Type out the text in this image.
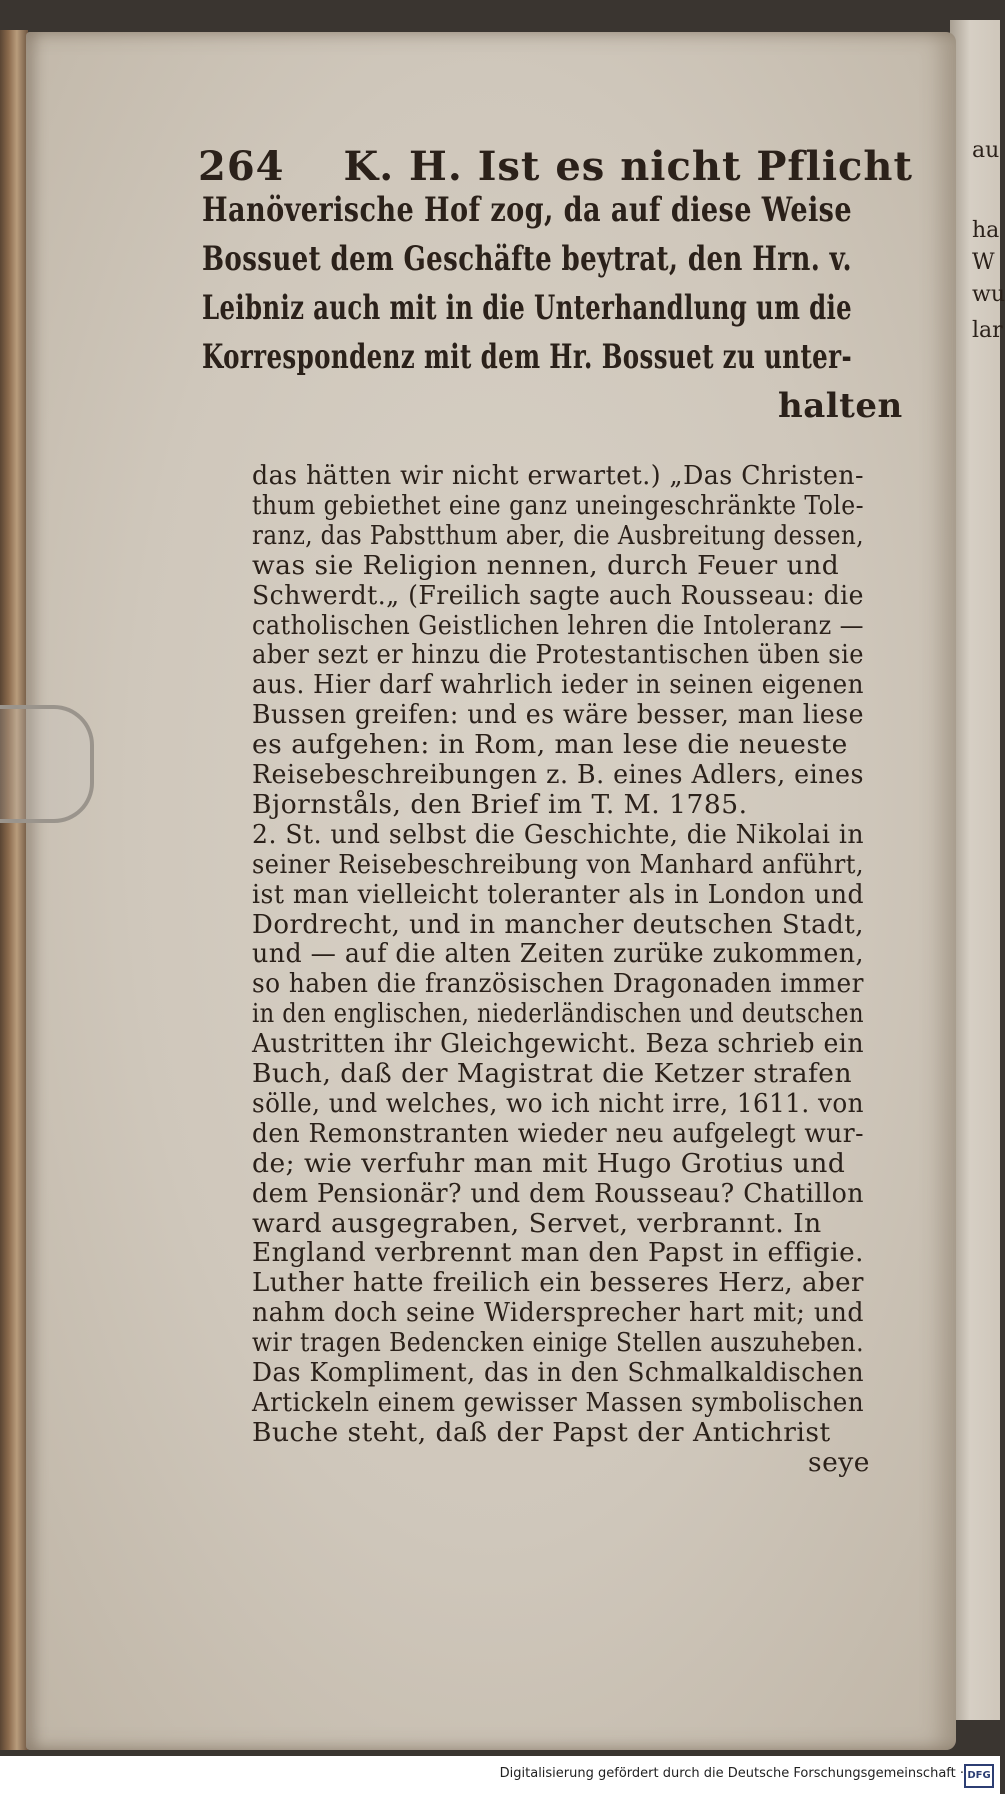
264 K. H. Ist es nicht Pflicht
Hanöverische Hof zog, da auf diese Weise
Bossuet dem Geschäfte beytrat, den Hrn. v.
Leibniz auch mit in die Unterhandlung um die
Korrespondenz mit dem Hr. Bossuet zu unter-
halten
das hätten wir nicht erwartet.) „Das Christen-
thum gebiethet eine ganz uneingeschränkte Tole-
ranz, das Pabstthum aber, die Ausbreitung dessen,
was sie Religion nennen, durch Feuer und
Schwerdt.„ (Freilich sagte auch Rousseau: die
catholischen Geistlichen lehren die Intoleranz —
aber sezt er hinzu die Protestantischen üben sie
aus. Hier darf wahrlich ieder in seinen eigenen
Bussen greifen: und es wäre besser, man liese
es aufgehen: in Rom, man lese die neueste
Reisebeschreibungen z. B. eines Adlers, eines
Bjornståls, den Brief im T. M. 1785.
2. St. und selbst die Geschichte, die Nikolai in
seiner Reisebeschreibung von Manhard anführt,
ist man vielleicht toleranter als in London und
Dordrecht, und in mancher deutschen Stadt,
und — auf die alten Zeiten zurüke zukommen,
so haben die französischen Dragonaden immer
in den englischen, niederländischen und deutschen
Austritten ihr Gleichgewicht. Beza schrieb ein
Buch, daß der Magistrat die Ketzer strafen
sölle, und welches, wo ich nicht irre, 1611. von
den Remonstranten wieder neu aufgelegt wur-
de; wie verfuhr man mit Hugo Grotius und
dem Pensionär? und dem Rousseau? Chatillon
ward ausgegraben, Servet, verbrannt. In
England verbrennt man den Papst in effigie.
Luther hatte freilich ein besseres Herz, aber
nahm doch seine Widersprecher hart mit; und
wir tragen Bedencken einige Stellen auszuheben.
Das Kompliment, das in den Schmalkaldischen
Artickeln einem gewisser Massen symbolischen
Buche steht, daß der Papst der Antichrist
seye
au
ha
W
wu
lar
Digitalisierung gefördert durch die Deutsche Forschungsgemeinschaft · DFG
